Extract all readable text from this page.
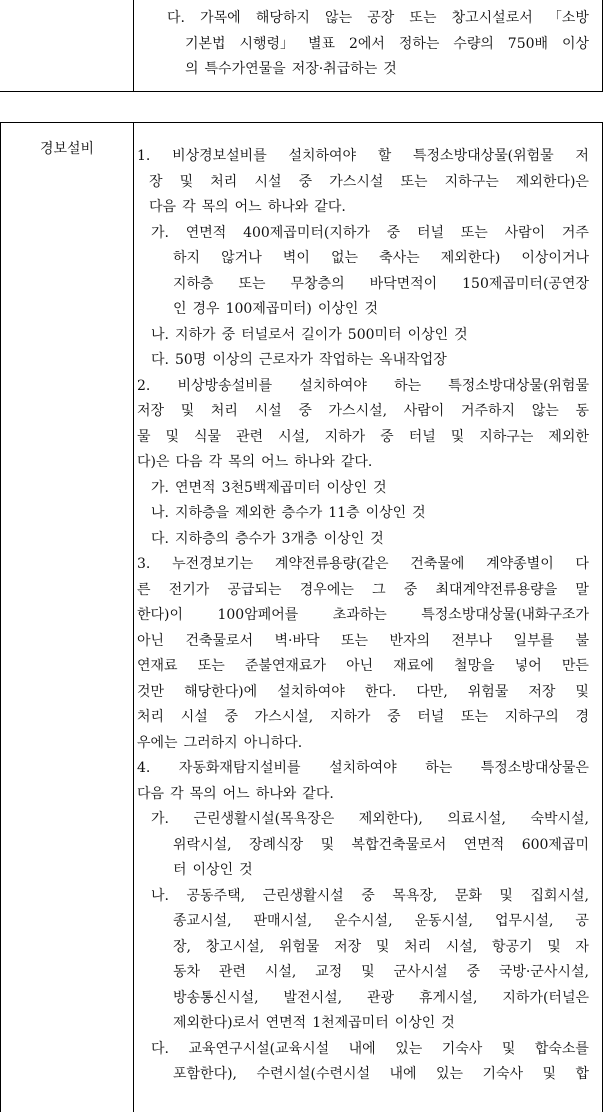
다. 가목에 해당하지 않는 공장 또는 창고시설로서 「소방
기본법 시행령」 별표 2에서 정하는 수량의 750배 이상
의 특수가연물을 저장·취급하는 것
경보설비	1. 비상경보설비를 설치하여야 할 특정소방대상물(위험물 저
장 및 처리 시설 중 가스시설 또는 지하구는 제외한다)은
다음 각 목의 어느 하나와 같다.
가. 연면적 400제곱미터(지하가 중 터널 또는 사람이 거주
하지 않거나 벽이 없는 축사는 제외한다) 이상이거나
지하층 또는 무창층의 바닥면적이 150제곱미터(공연장
인 경우 100제곱미터) 이상인 것
나. 지하가 중 터널로서 길이가 500미터 이상인 것
다. 50명 이상의 근로자가 작업하는 옥내작업장
2. 비상방송설비를 설치하여야 하는 특정소방대상물(위험물
저장 및 처리 시설 중 가스시설, 사람이 거주하지 않는 동
물 및 식물 관련 시설, 지하가 중 터널 및 지하구는 제외한
다)은 다음 각 목의 어느 하나와 같다.
가. 연면적 3천5백제곱미터 이상인 것
나. 지하층을 제외한 층수가 11층 이상인 것
다. 지하층의 층수가 3개층 이상인 것
3. 누전경보기는 계약전류용량(같은 건축물에 계약종별이 다
른 전기가 공급되는 경우에는 그 중 최대계약전류용량을 말
한다)이 100암페어를 초과하는 특정소방대상물(내화구조가
아닌 건축물로서 벽·바닥 또는 반자의 전부나 일부를 불
연재료 또는 준불연재료가 아닌 재료에 철망을 넣어 만든
것만 해당한다)에 설치하여야 한다. 다만, 위험물 저장 및
처리 시설 중 가스시설, 지하가 중 터널 또는 지하구의 경
우에는 그러하지 아니하다.
4. 자동화재탐지설비를 설치하여야 하는 특정소방대상물은
다음 각 목의 어느 하나와 같다.
가. 근린생활시설(목욕장은 제외한다), 의료시설, 숙박시설,
위락시설, 장례식장 및 복합건축물로서 연면적 600제곱미
터 이상인 것
나. 공동주택, 근린생활시설 중 목욕장, 문화 및 집회시설,
종교시설, 판매시설, 운수시설, 운동시설, 업무시설, 공
장, 창고시설, 위험물 저장 및 처리 시설, 항공기 및 자
동차 관련 시설, 교정 및 군사시설 중 국방·군사시설,
방송통신시설, 발전시설, 관광 휴게시설, 지하가(터널은
제외한다)로서 연면적 1천제곱미터 이상인 것
다. 교육연구시설(교육시설 내에 있는 기숙사 및 합숙소를
포함한다), 수련시설(수련시설 내에 있는 기숙사 및 합
